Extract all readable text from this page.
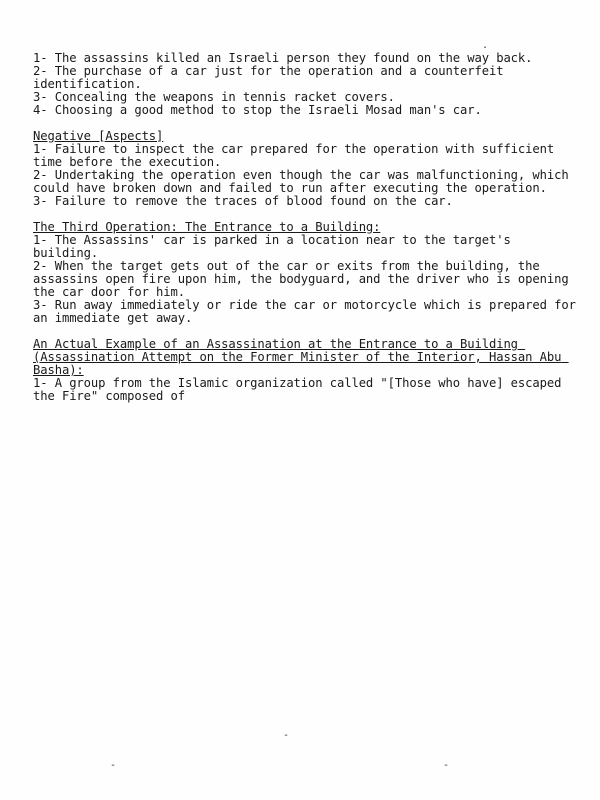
1- The assassins killed an Israeli person they found on the way back.

2- The purchase of a car just for the operation and a counterfeit identification.

3- Concealing the weapons in tennis racket covers.

4- Choosing a good method to stop the Israeli Mosad man's car.

Negative [Aspects]

1- Failure to inspect the car prepared for the operation with sufficient time before the execution.

2- Undertaking the operation even though the car was malfunctioning, which could have broken down and failed to run after executing the operation.

3- Failure to remove the traces of blood found on the car.

The Third Operation: The Entrance to a Building:

1- The Assassins' car is parked in a location near to the target's building.

2- When the target gets out of the car or exits from the building, the assassins open fire upon him, the bodyguard, and the driver who is opening the car door for him.

3- Run away immediately or ride the car or motorcycle which is prepared for an immediate get away.

An Actual Example of an Assassination at the Entrance to a Building (Assassination Attempt on the Former Minister of the Interior, Hassan Abu Basha):

1- A group from the Islamic organization called "[Those who have] escaped the Fire" composed of

.
-
-	-
